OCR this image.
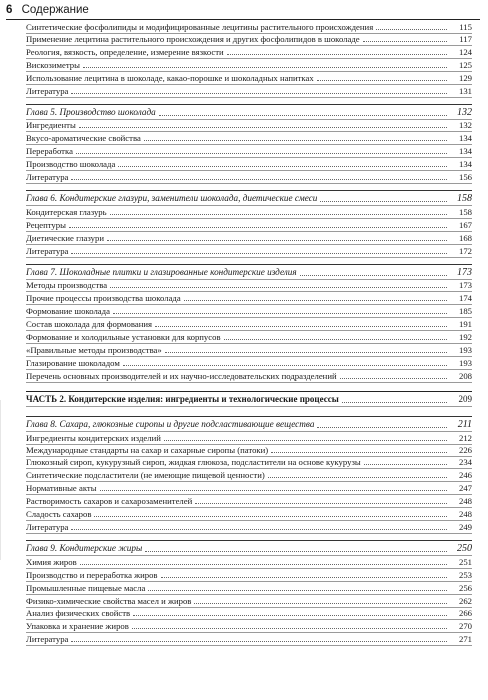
6 Содержание
Синтетические фосфолипиды и модифицированные лецитины растительного происхождения	115
Применение лецитина растительного происхождения и других фосфолипидов в шоколаде	117
Реология, вязкость, определение, измерение вязкости	124
Вискозиметры	125
Использование лецитина в шоколаде, какао-порошке и шоколадных напитках	129
Литература	131
Глава 5. Производство шоколада	132
Ингредиенты	132
Вкусо-ароматические свойства	134
Переработка	134
Производство шоколада	134
Литература	156
Глава 6. Кондитерские глазури, заменители шоколада, диетические смеси	158
Кондитерская глазурь	158
Рецептуры	167
Диетические глазури	168
Литература	172
Глава 7. Шоколадные плитки и глазированные кондитерские изделия	173
Методы производства	173
Прочие процессы производства шоколада	174
Формование шоколада	185
Состав шоколада для формования	191
Формование и холодильные установки для корпусов	192
«Правильные методы производства»	193
Глазирование шоколадом	193
Перечень основных производителей и их научно-исследовательских подразделений	208
ЧАСТЬ 2. Кондитерские изделия: ингредиенты и технологические процессы	209
Глава 8. Сахара, глюкозные сиропы и другие подсластивающие вещества	211
Ингредиенты кондитерских изделий	212
Международные стандарты на сахар и сахарные сиропы (патоки)	226
Глюкозный сироп, кукурузный сироп, жидкая глюкоза, подсластители на основе кукурузы	234
Синтетические подсластители (не имеющие пищевой ценности)	246
Нормативные акты	247
Растворимость сахаров и сахарозаменителей	248
Сладость сахаров	248
Литература	249
Глава 9. Кондитерские жиры	250
Химия жиров	251
Производство и переработка жиров	253
Промышленные пищевые масла	256
Физико-химические свойства масел и жиров	262
Анализ физических свойств	266
Упаковка и хранение жиров	270
Литература	271
